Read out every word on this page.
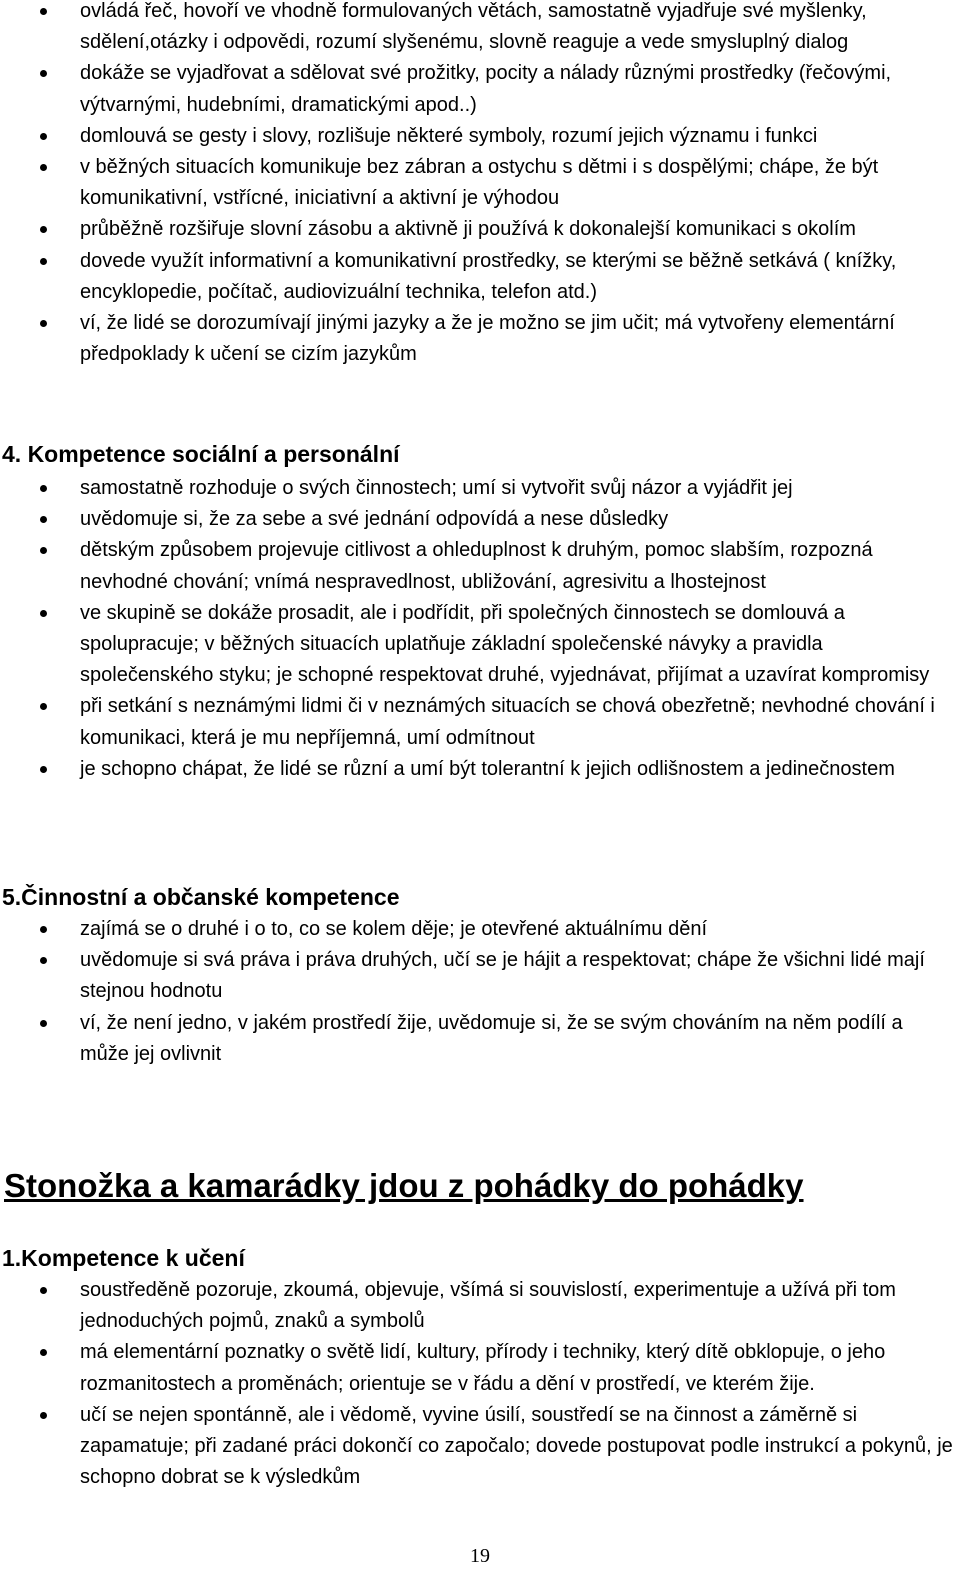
ovládá řeč, hovoří ve vhodně formulovaných větách, samostatně vyjadřuje své myšlenky, sdělení,otázky i odpovědi, rozumí slyšenému, slovně reaguje a vede smysluplný dialog
dokáže se vyjadřovat a sdělovat své prožitky, pocity a nálady různými prostředky (řečovými, výtvarnými, hudebními, dramatickými apod..)
domlouvá se gesty i slovy, rozlišuje některé symboly, rozumí jejich významu i funkci
v běžných situacích komunikuje bez zábran a ostychu s dětmi i s dospělými; chápe, že být komunikativní, vstřícné, iniciativní a aktivní je výhodou
průběžně rozšiřuje slovní zásobu a aktivně ji používá k dokonalejší komunikaci s okolím
dovede využít informativní a komunikativní prostředky, se kterými se běžně setkává ( knížky, encyklopedie, počítač, audiovizuální technika, telefon atd.)
ví, že lidé se dorozumívají jinými jazyky a že je možno se jim učit; má vytvořeny elementární předpoklady k učení se cizím jazykům
4. Kompetence sociální a personální
samostatně rozhoduje o svých činnostech; umí si vytvořit svůj názor a vyjádřit jej
uvědomuje si, že za sebe a své jednání odpovídá a nese důsledky
dětským způsobem projevuje citlivost a ohleduplnost k druhým, pomoc slabším, rozpozná nevhodné chování; vnímá nespravedlnost, ubližování, agresivitu a lhostejnost
ve skupině se dokáže prosadit, ale i podřídit, při společných činnostech se domlouvá a spolupracuje; v běžných situacích uplatňuje základní společenské návyky a pravidla společenského styku; je schopné respektovat druhé, vyjednávat, přijímat a uzavírat kompromisy
při setkání s neznámými lidmi či v neznámých situacích se chová obezřetně; nevhodné chování i komunikaci, která je mu nepříjemná, umí odmítnout
je schopno chápat, že lidé se různí a umí být tolerantní k jejich odlišnostem a jedinečnostem
5.Činnostní a občanské kompetence
zajímá se o druhé i o to, co se kolem děje; je otevřené aktuálnímu dění
uvědomuje si svá práva i práva druhých, učí se je hájit a respektovat; chápe že všichni lidé mají stejnou hodnotu
ví, že není jedno, v jakém prostředí žije, uvědomuje si, že se svým chováním na něm podílí a může jej ovlivnit
Stonožka a kamarádky jdou z pohádky do pohádky
1.Kompetence k učení
soustředěně pozoruje, zkoumá, objevuje, všímá si souvislostí, experimentuje a užívá při tom jednoduchých pojmů, znaků a symbolů
má elementární poznatky o světě lidí, kultury, přírody i techniky, který dítě obklopuje, o jeho rozmanitostech a proměnách; orientuje se v řádu a dění v prostředí, ve kterém žije.
učí se nejen spontánně, ale i vědomě, vyvine úsilí, soustředí se na činnost a záměrně si zapamatuje; při zadané práci dokončí co započalo; dovede postupovat podle instrukcí a pokynů, je schopno dobrat se k výsledkům
19
